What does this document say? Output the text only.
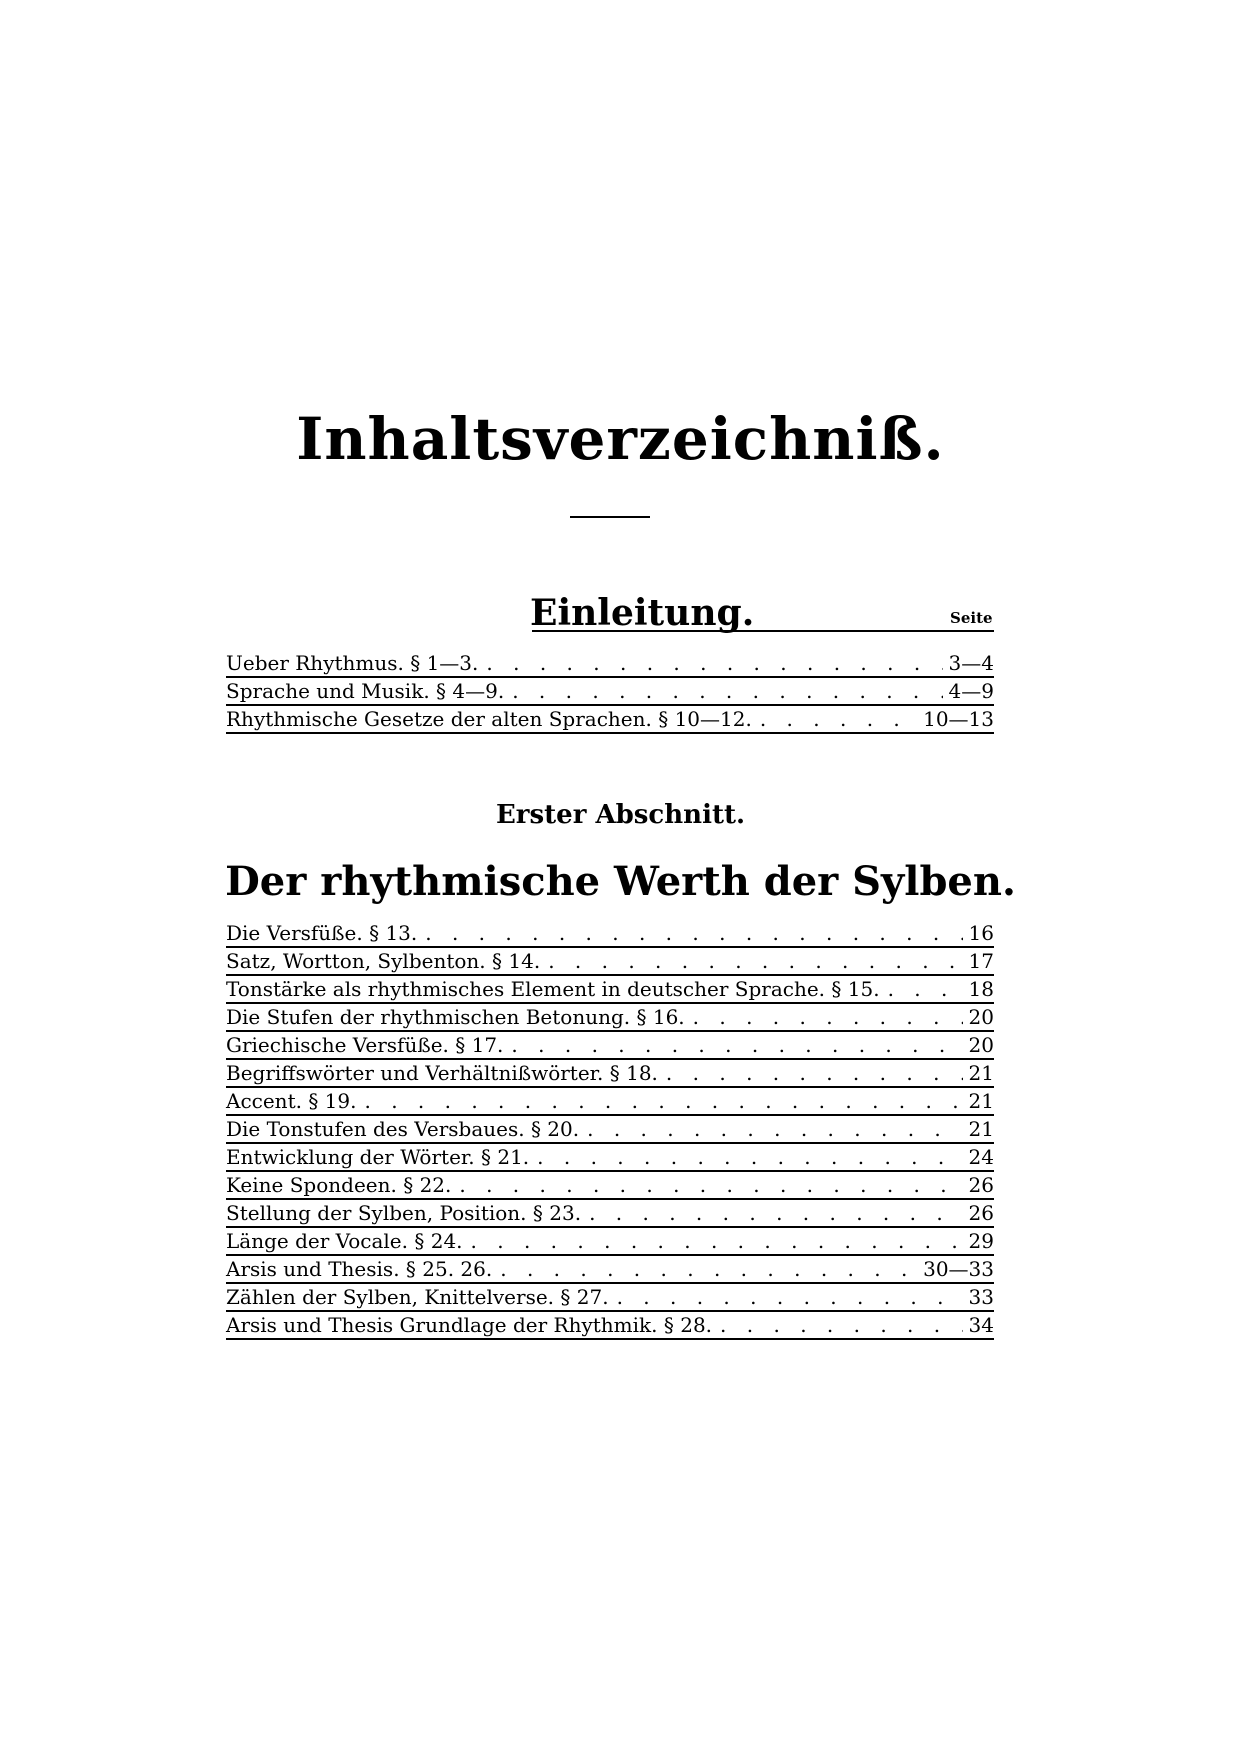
Inhaltsverzeichniß.
Einleitung.	Seite
Ueber Rhythmus. § 1—3. . . .	3—4
Sprache und Musik. § 4—9. . . .	4—9
Rhythmische Gesetze der alten Sprachen. § 10—12. . . .	10—13
Erster Abschnitt.
Der rhythmische Werth der Sylben.
Die Versfüße. § 13. . . .	16
Satz, Wortton, Sylbenton. § 14. . . .	17
Tonstärke als rhythmisches Element in deutscher Sprache. § 15. . . .	18
Die Stufen der rhythmischen Betonung. § 16. . . .	20
Griechische Versfüße. § 17. . . .	20
Begriffswörter und Verhältnißwörter. § 18. . . .	21
Accent. § 19. . . .	21
Die Tonstufen des Versbaues. § 20. . . .	21
Entwicklung der Wörter. § 21. . . .	24
Keine Spondeen. § 22. . . .	26
Stellung der Sylben, Position. § 23. . . .	26
Länge der Vocale. § 24. . . .	29
Arsis und Thesis. § 25. 26. . . .	30—33
Zählen der Sylben, Knittelverse. § 27. . . .	33
Arsis und Thesis Grundlage der Rhythmik. § 28. . . .	34
